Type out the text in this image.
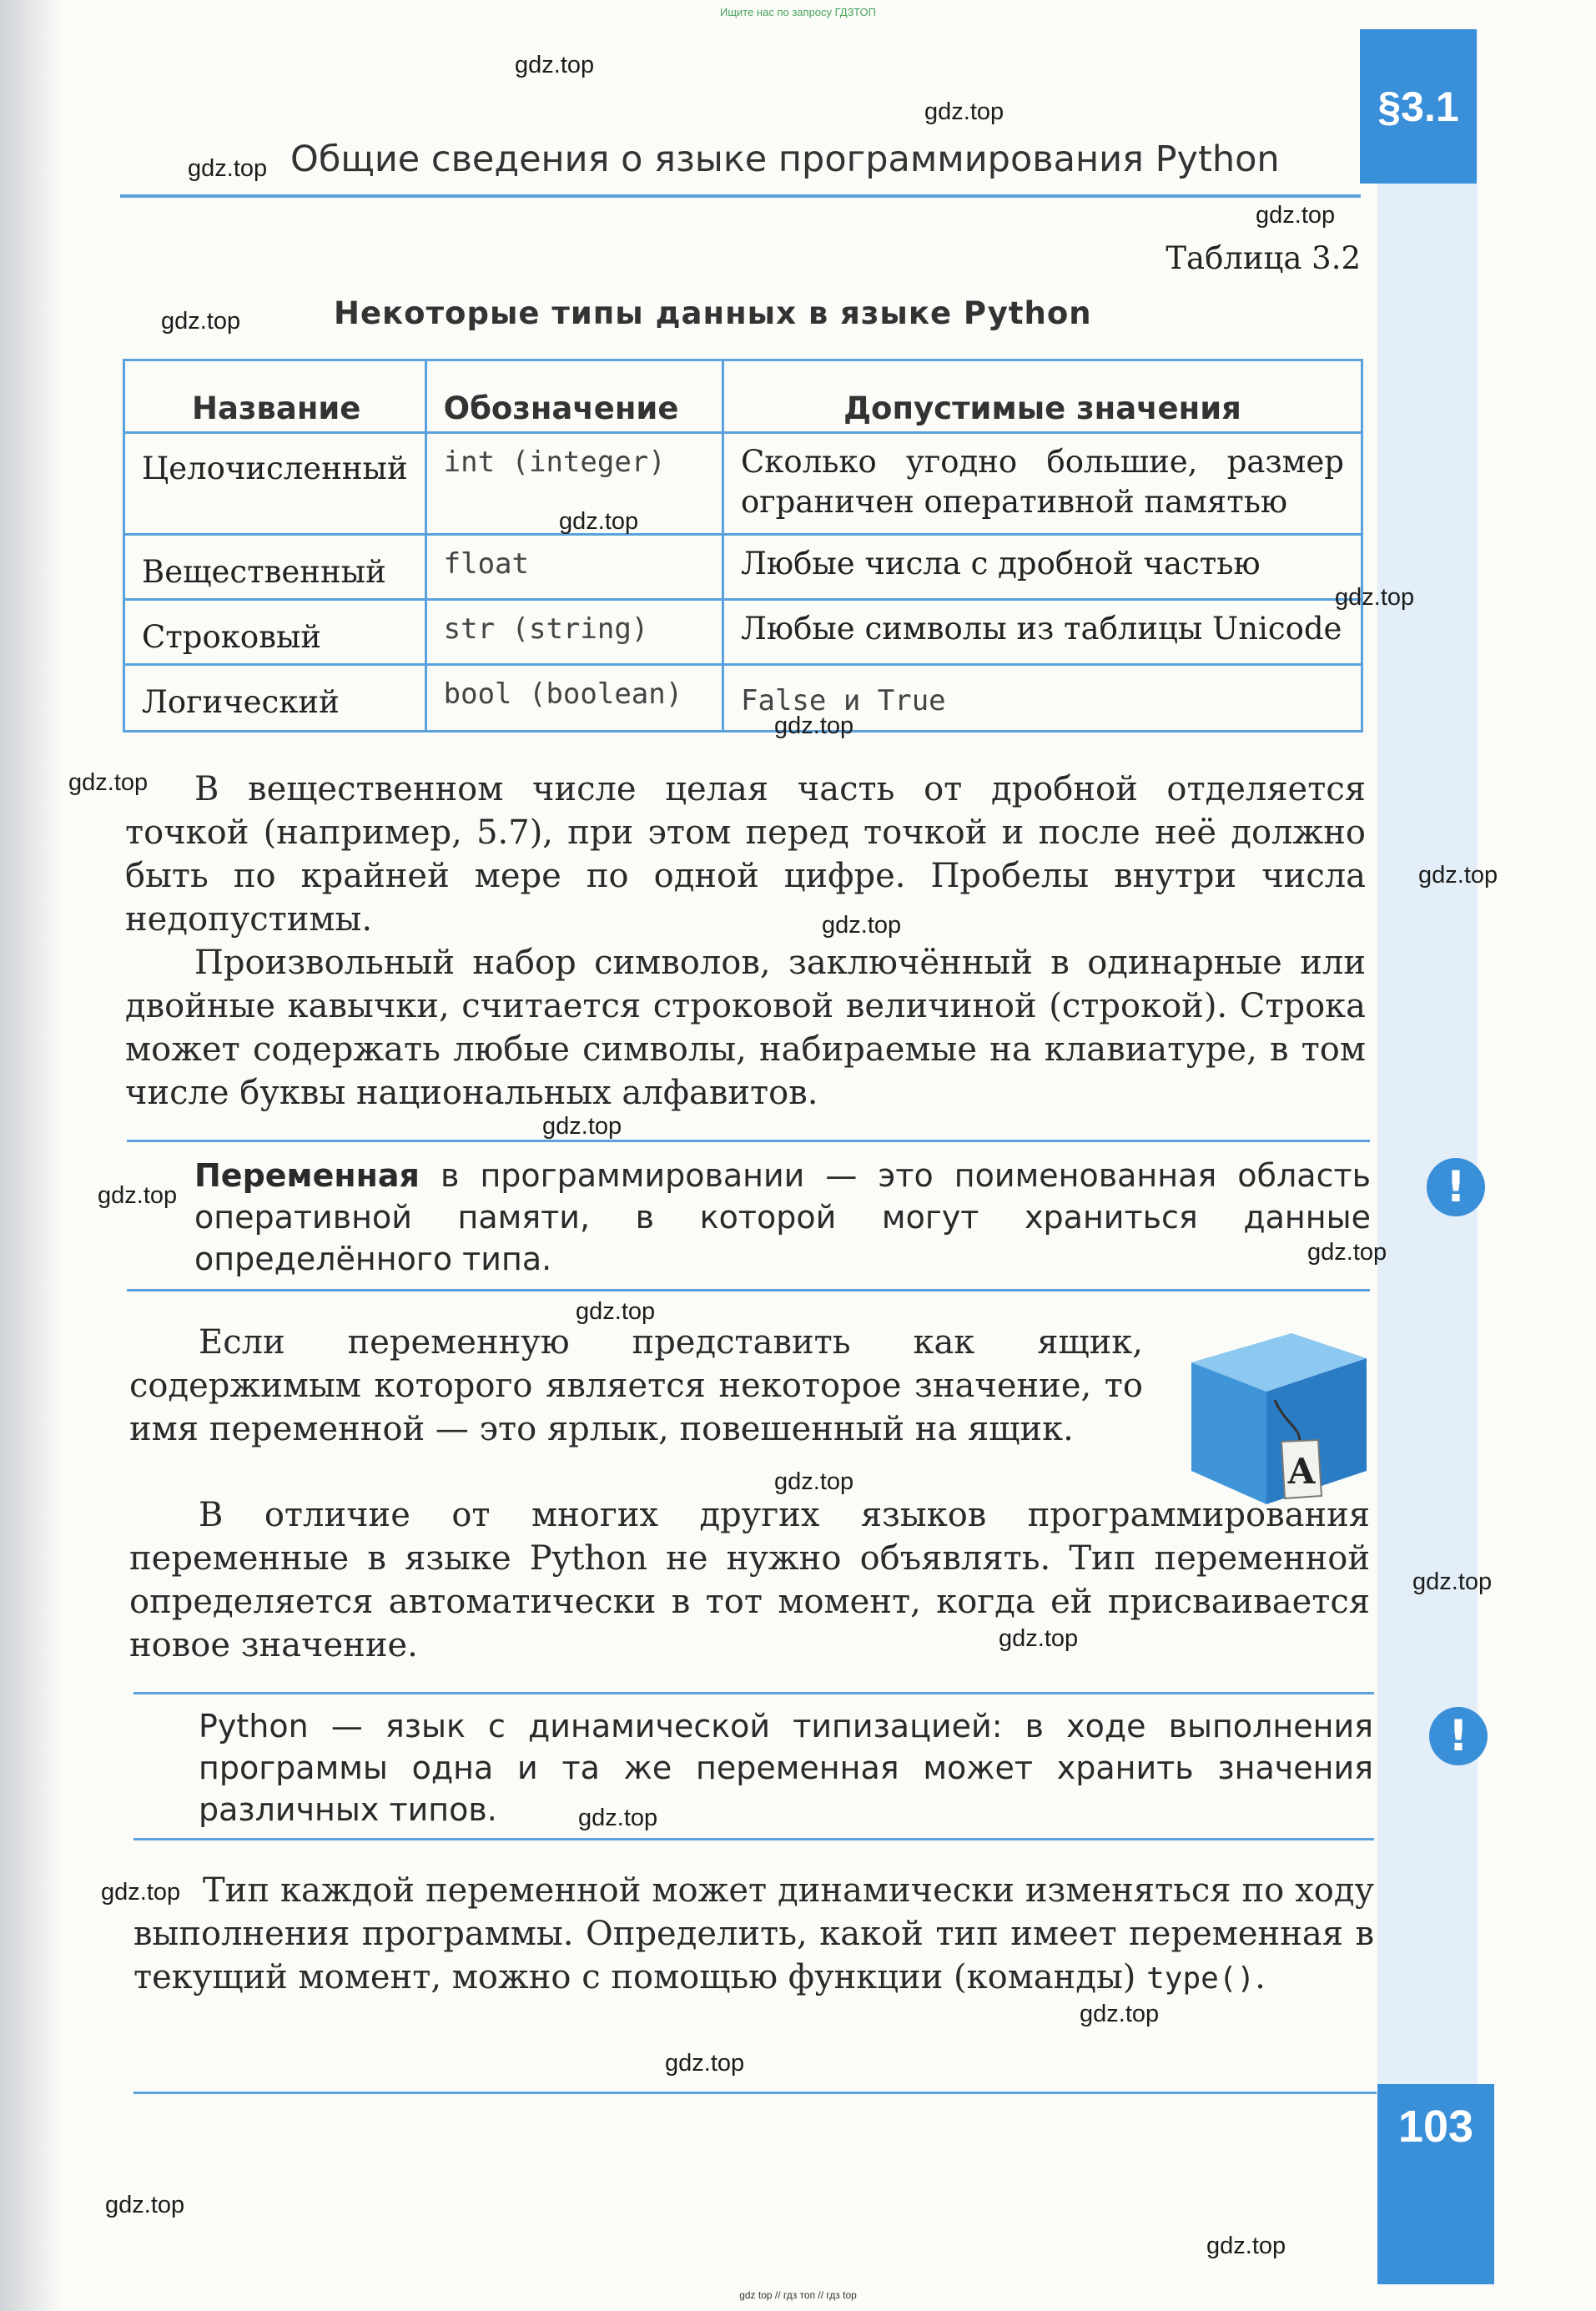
Ищите нас по запросу ГДЗТОП
§3.1
Общие сведения о языке программирования Python
Таблица 3.2
Некоторые типы данных в языке Python
Название	Обозначение	Допустимые значения
Целочисленный	int (integer)	Сколько угодно большие, размер ограничен оперативной памятью
Вещественный	float	Любые числа с дробной частью
Строковый	str (string)	Любые символы из таблицы Unicode
Логический	bool (boolean)	False и True
В вещественном числе целая часть от дробной отделяется точкой (например, 5.7), при этом перед точкой и после неё должно быть по крайней мере по одной цифре. Пробелы внутри числа недопустимы.
Произвольный набор символов, заключённый в одинарные или двойные кавычки, считается строковой величиной (строкой). Строка может содержать любые символы, набираемые на клавиатуре, в том числе буквы национальных алфавитов.
Переменная в программировании — это поименованная область оперативной памяти, в которой могут храниться данные определённого типа.
!
Если переменную представить как ящик, содержимым которого является некоторое значение, то имя переменной — это ярлык, повешенный на ящик.
A
В отличие от многих других языков программирования переменные в языке Python не нужно объявлять. Тип переменной определяется автоматически в тот момент, когда ей присваивается новое значение.
Python — язык с динамической типизацией: в ходе выполнения программы одна и та же переменная может хранить значения различных типов.
!
Тип каждой переменной может динамически изменяться по ходу выполнения программы. Определить, какой тип имеет переменная в текущий момент, можно с помощью функции (команды) type().
103
gdz.top
gdz.top
gdz.top
gdz.top
gdz.top
gdz.top
gdz.top
gdz.top
gdz.top
gdz.top
gdz.top
gdz.top
gdz.top
gdz.top
gdz.top
gdz.top
gdz.top
gdz.top
gdz.top
gdz.top
gdz.top
gdz.top
gdz.top
gdz.top
gdz top // гдз топ // гдз top
